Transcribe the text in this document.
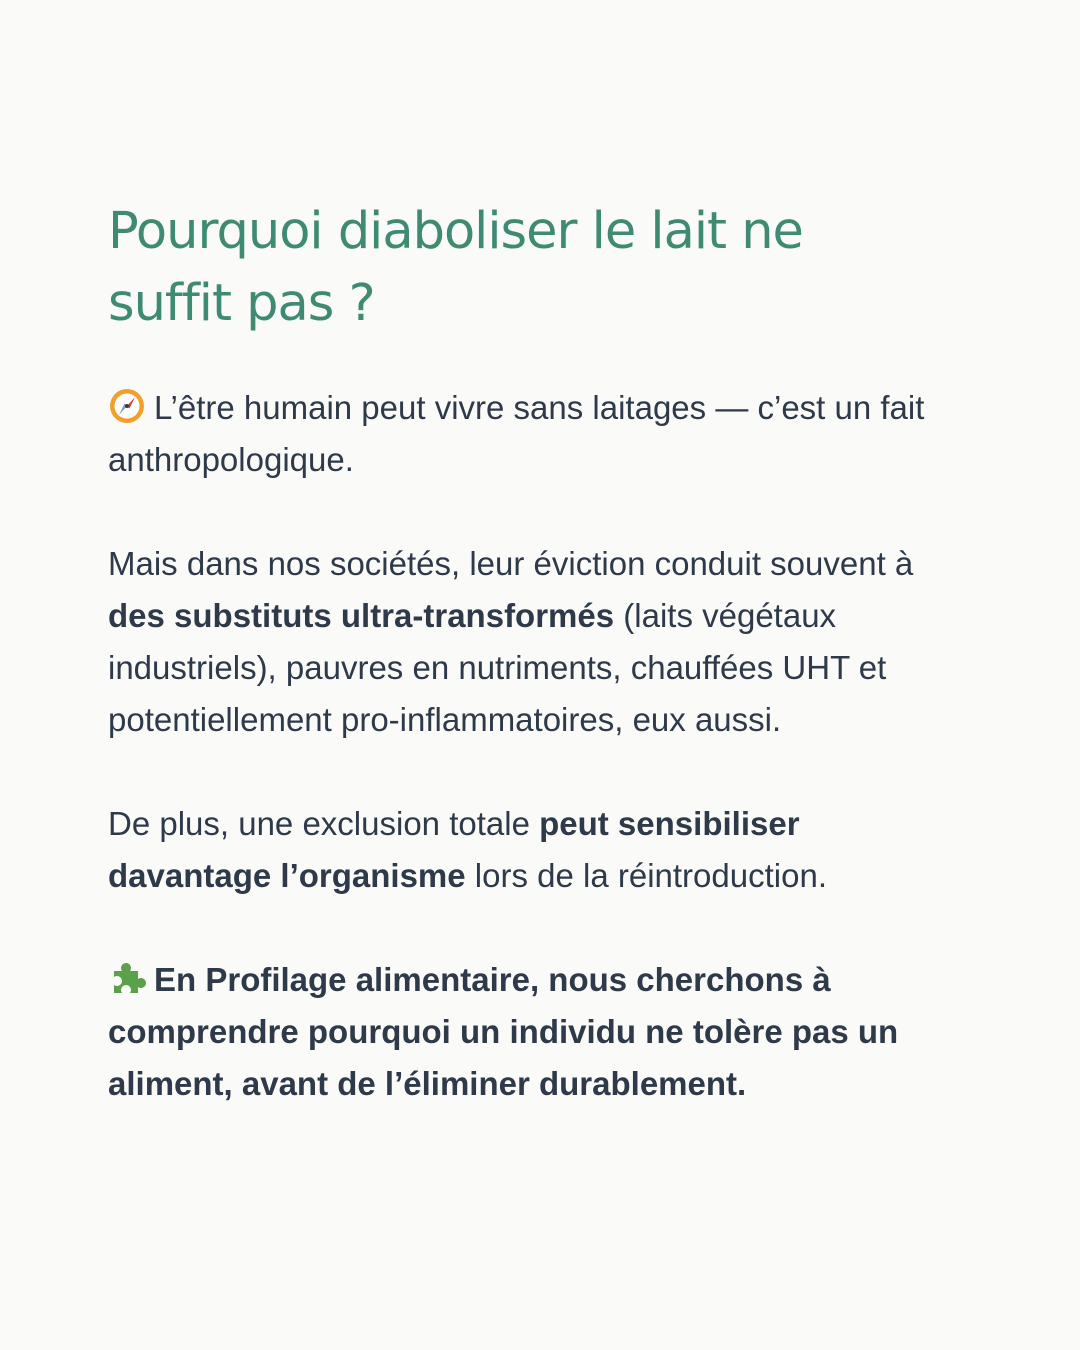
Pourquoi diaboliser le lait ne
suffit pas ?

L’être humain peut vivre sans laitages — c’est un fait anthropologique.

Mais dans nos sociétés, leur éviction conduit souvent à des substituts ultra-transformés (laits végétaux industriels), pauvres en nutriments, chauffées UHT et potentiellement pro-inflammatoires, eux aussi.

De plus, une exclusion totale peut sensibiliser davantage l’organisme lors de la réintroduction.

En Profilage alimentaire, nous cherchons à comprendre pourquoi un individu ne tolère pas un aliment, avant de l’éliminer durablement.
